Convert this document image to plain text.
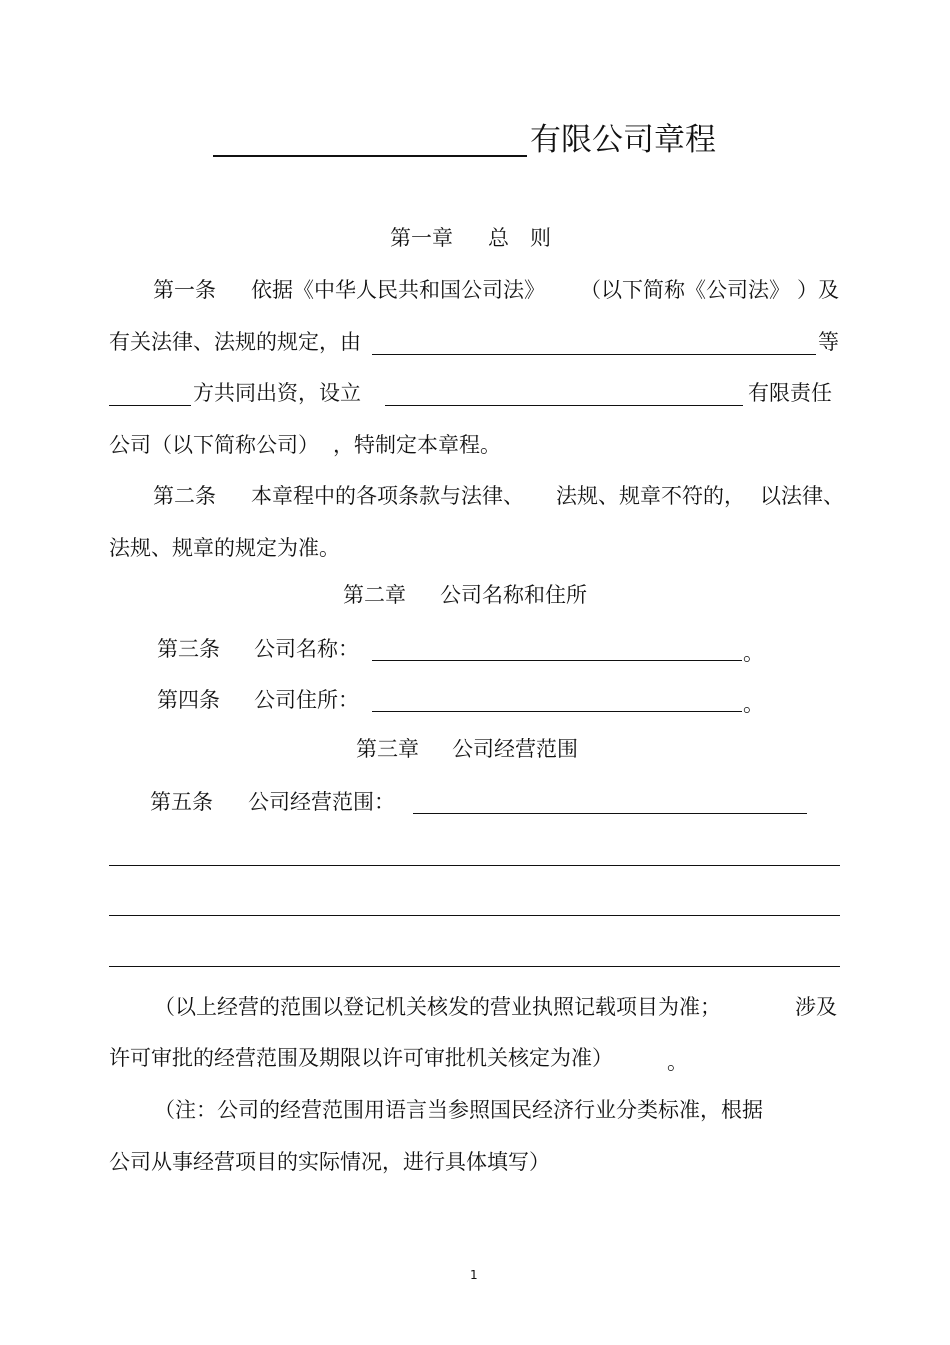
有限公司章程
第一章 总　则
第一条 依据《中华人民共和国公司法》 （以下简称《公司法》 ）及
有关法律、法规的规定，由	等
方共同出资，设立	有限责任
公司（以下简称公司） ，特制定本章程。
第二条 本章程中的各项条款与法律、 法规、规章不符的， 以法律、
法规、规章的规定为准。
第二章 公司名称和住所
第三条 公司名称：	。
第四条 公司住所：	。
第三章 公司经营范围
第五条 公司经营范围：
（以上经营的范围以登记机关核发的营业执照记载项目为准；	涉及
许可审批的经营范围及期限以许可审批机关核定为准）	。
（注：公司的经营范围用语言当参照国民经济行业分类标准，根据
公司从事经营项目的实际情况，进行具体填写）
1
